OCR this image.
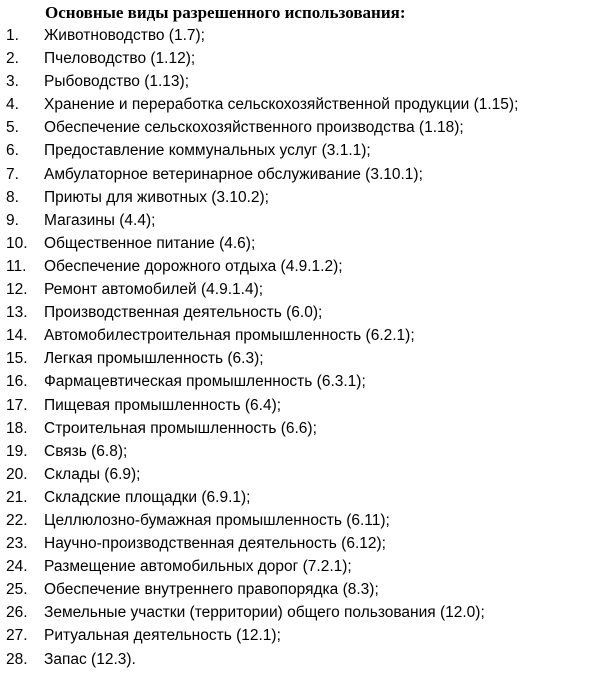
Основные виды разрешенного использования:
1.	Животноводство (1.7);
2.	Пчеловодство (1.12);
3.	Рыбоводство (1.13);
4.	Хранение и переработка сельскохозяйственной продукции (1.15);
5.	Обеспечение сельскохозяйственного производства (1.18);
6.	Предоставление коммунальных услуг (3.1.1);
7.	Амбулаторное ветеринарное обслуживание (3.10.1);
8.	Приюты для животных (3.10.2);
9.	Магазины (4.4);
10.	Общественное питание (4.6);
11.	Обеспечение дорожного отдыха (4.9.1.2);
12.	Ремонт автомобилей (4.9.1.4);
13.	Производственная деятельность (6.0);
14.	Автомобилестроительная промышленность (6.2.1);
15.	Легкая промышленность (6.3);
16.	Фармацевтическая промышленность (6.3.1);
17.	Пищевая промышленность (6.4);
18.	Строительная промышленность (6.6);
19.	Связь (6.8);
20.	Склады (6.9);
21.	Складские площадки (6.9.1);
22.	Целлюлозно-бумажная промышленность (6.11);
23.	Научно-производственная деятельность (6.12);
24.	Размещение автомобильных дорог (7.2.1);
25.	Обеспечение внутреннего правопорядка (8.3);
26.	Земельные участки (территории) общего пользования (12.0);
27.	Ритуальная деятельность (12.1);
28.	Запас (12.3).
